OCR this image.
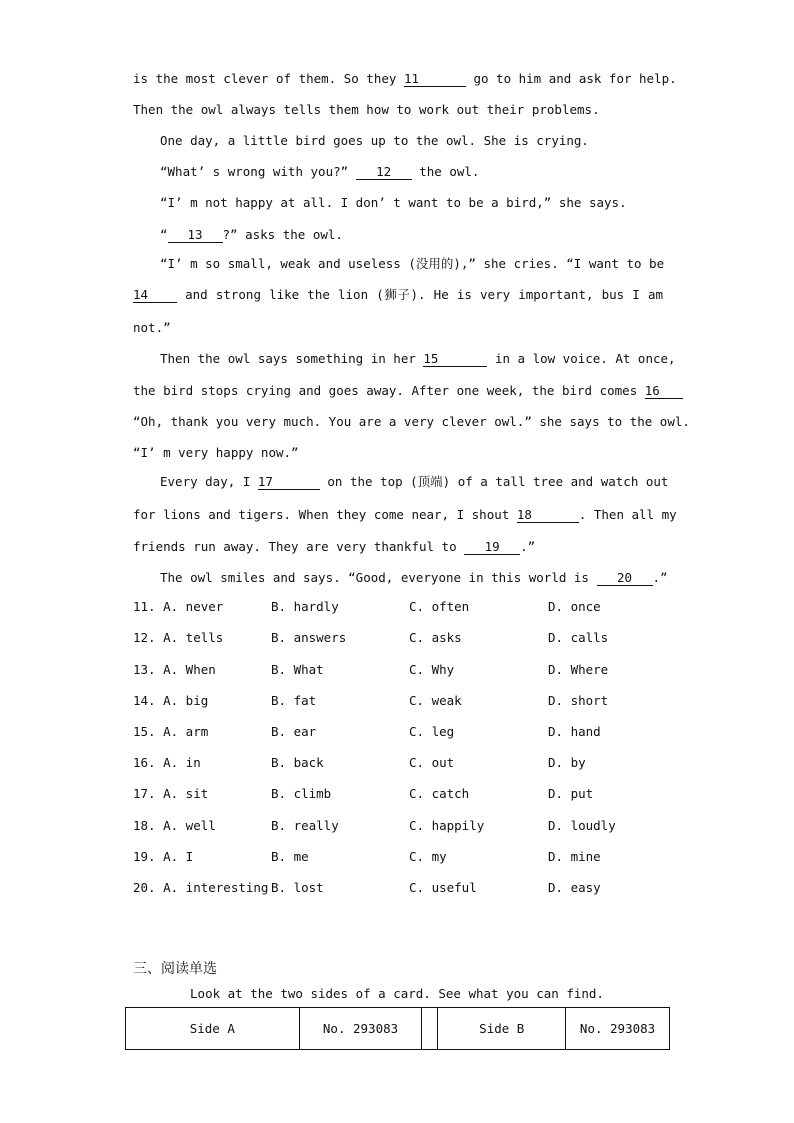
is the most clever of them. So they 11	go to him and ask for help.
Then the owl always tells them how to work out their problems.
One day, a little bird goes up to the owl. She is crying.
“What’ s wrong with you?” 12 the owl.
“I’ m not happy at all. I don’ t want to be a bird,” she says.
“ 13 ?” asks the owl.
“I’ m so small, weak and useless (没用的),” she cries. “I want to be
14	and strong like the lion (狮子). He is very important, bus I am
not.”
Then the owl says something in her 15	in a low voice. At once,
the bird stops crying and goes away. After one week, the bird comes 16
“Oh, thank you very much. You are a very clever owl.” she says to the owl.
“I’ m very happy now.”
Every day, I 17	on the top (顶端) of a tall tree and watch out
for lions and tigers. When they come near, I shout 18	. Then all my
friends run away. They are very thankful to 19 .”
The owl smiles and says. “Good, everyone in this world is 20 .”
11. A. never	B. hardly	C. often	D. once
12. A. tells	B. answers	C. asks	D. calls
13. A. When	B. What	C. Why	D. Where
14. A. big	B. fat	C. weak	D. short
15. A. arm	B. ear	C. leg	D. hand
16. A. in	B. back	C. out	D. by
17. A. sit	B. climb	C. catch	D. put
18. A. well	B. really	C. happily	D. loudly
19. A. I	B. me	C. my	D. mine
20. A. interesting B. lost	C. useful	D. easy
三、阅读单选
Look at the two sides of a card. See what you can find.
Side A	No. 293083		Side B	No. 293083
